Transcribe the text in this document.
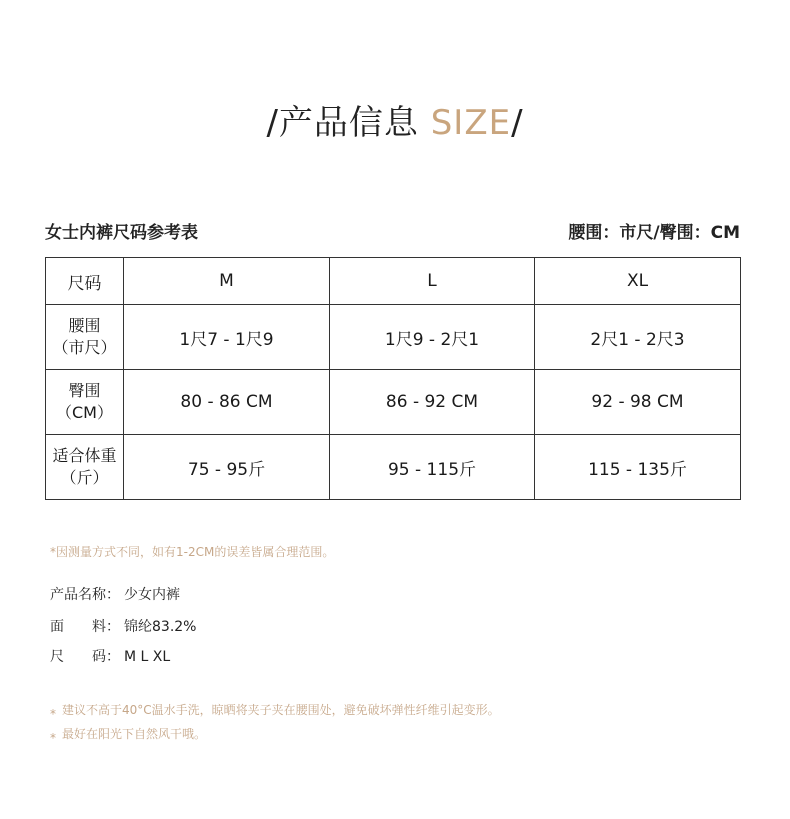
/产品信息 SIZE/
女士内裤尺码参考表	腰围：市尺/臀围：CM
尺码	M	L	XL

腰围
（市尺）	1尺7 - 1尺9	1尺9 - 2尺1	2尺1 - 2尺3

臀围
（CM）	80 - 86 CM	86 - 92 CM	92 - 98 CM

适合体重
（斤）	75 - 95斤	95 - 115斤	115 - 135斤
*因测量方式不同，如有1-2CM的误差皆属合理范围。
产品名称： 少女内裤
面　　料： 锦纶83.2%
尺　　码： M L XL
* 建议不高于40°C温水手洗，晾晒将夹子夹在腰围处，避免破坏弹性纤维引起变形。
* 最好在阳光下自然风干哦。
